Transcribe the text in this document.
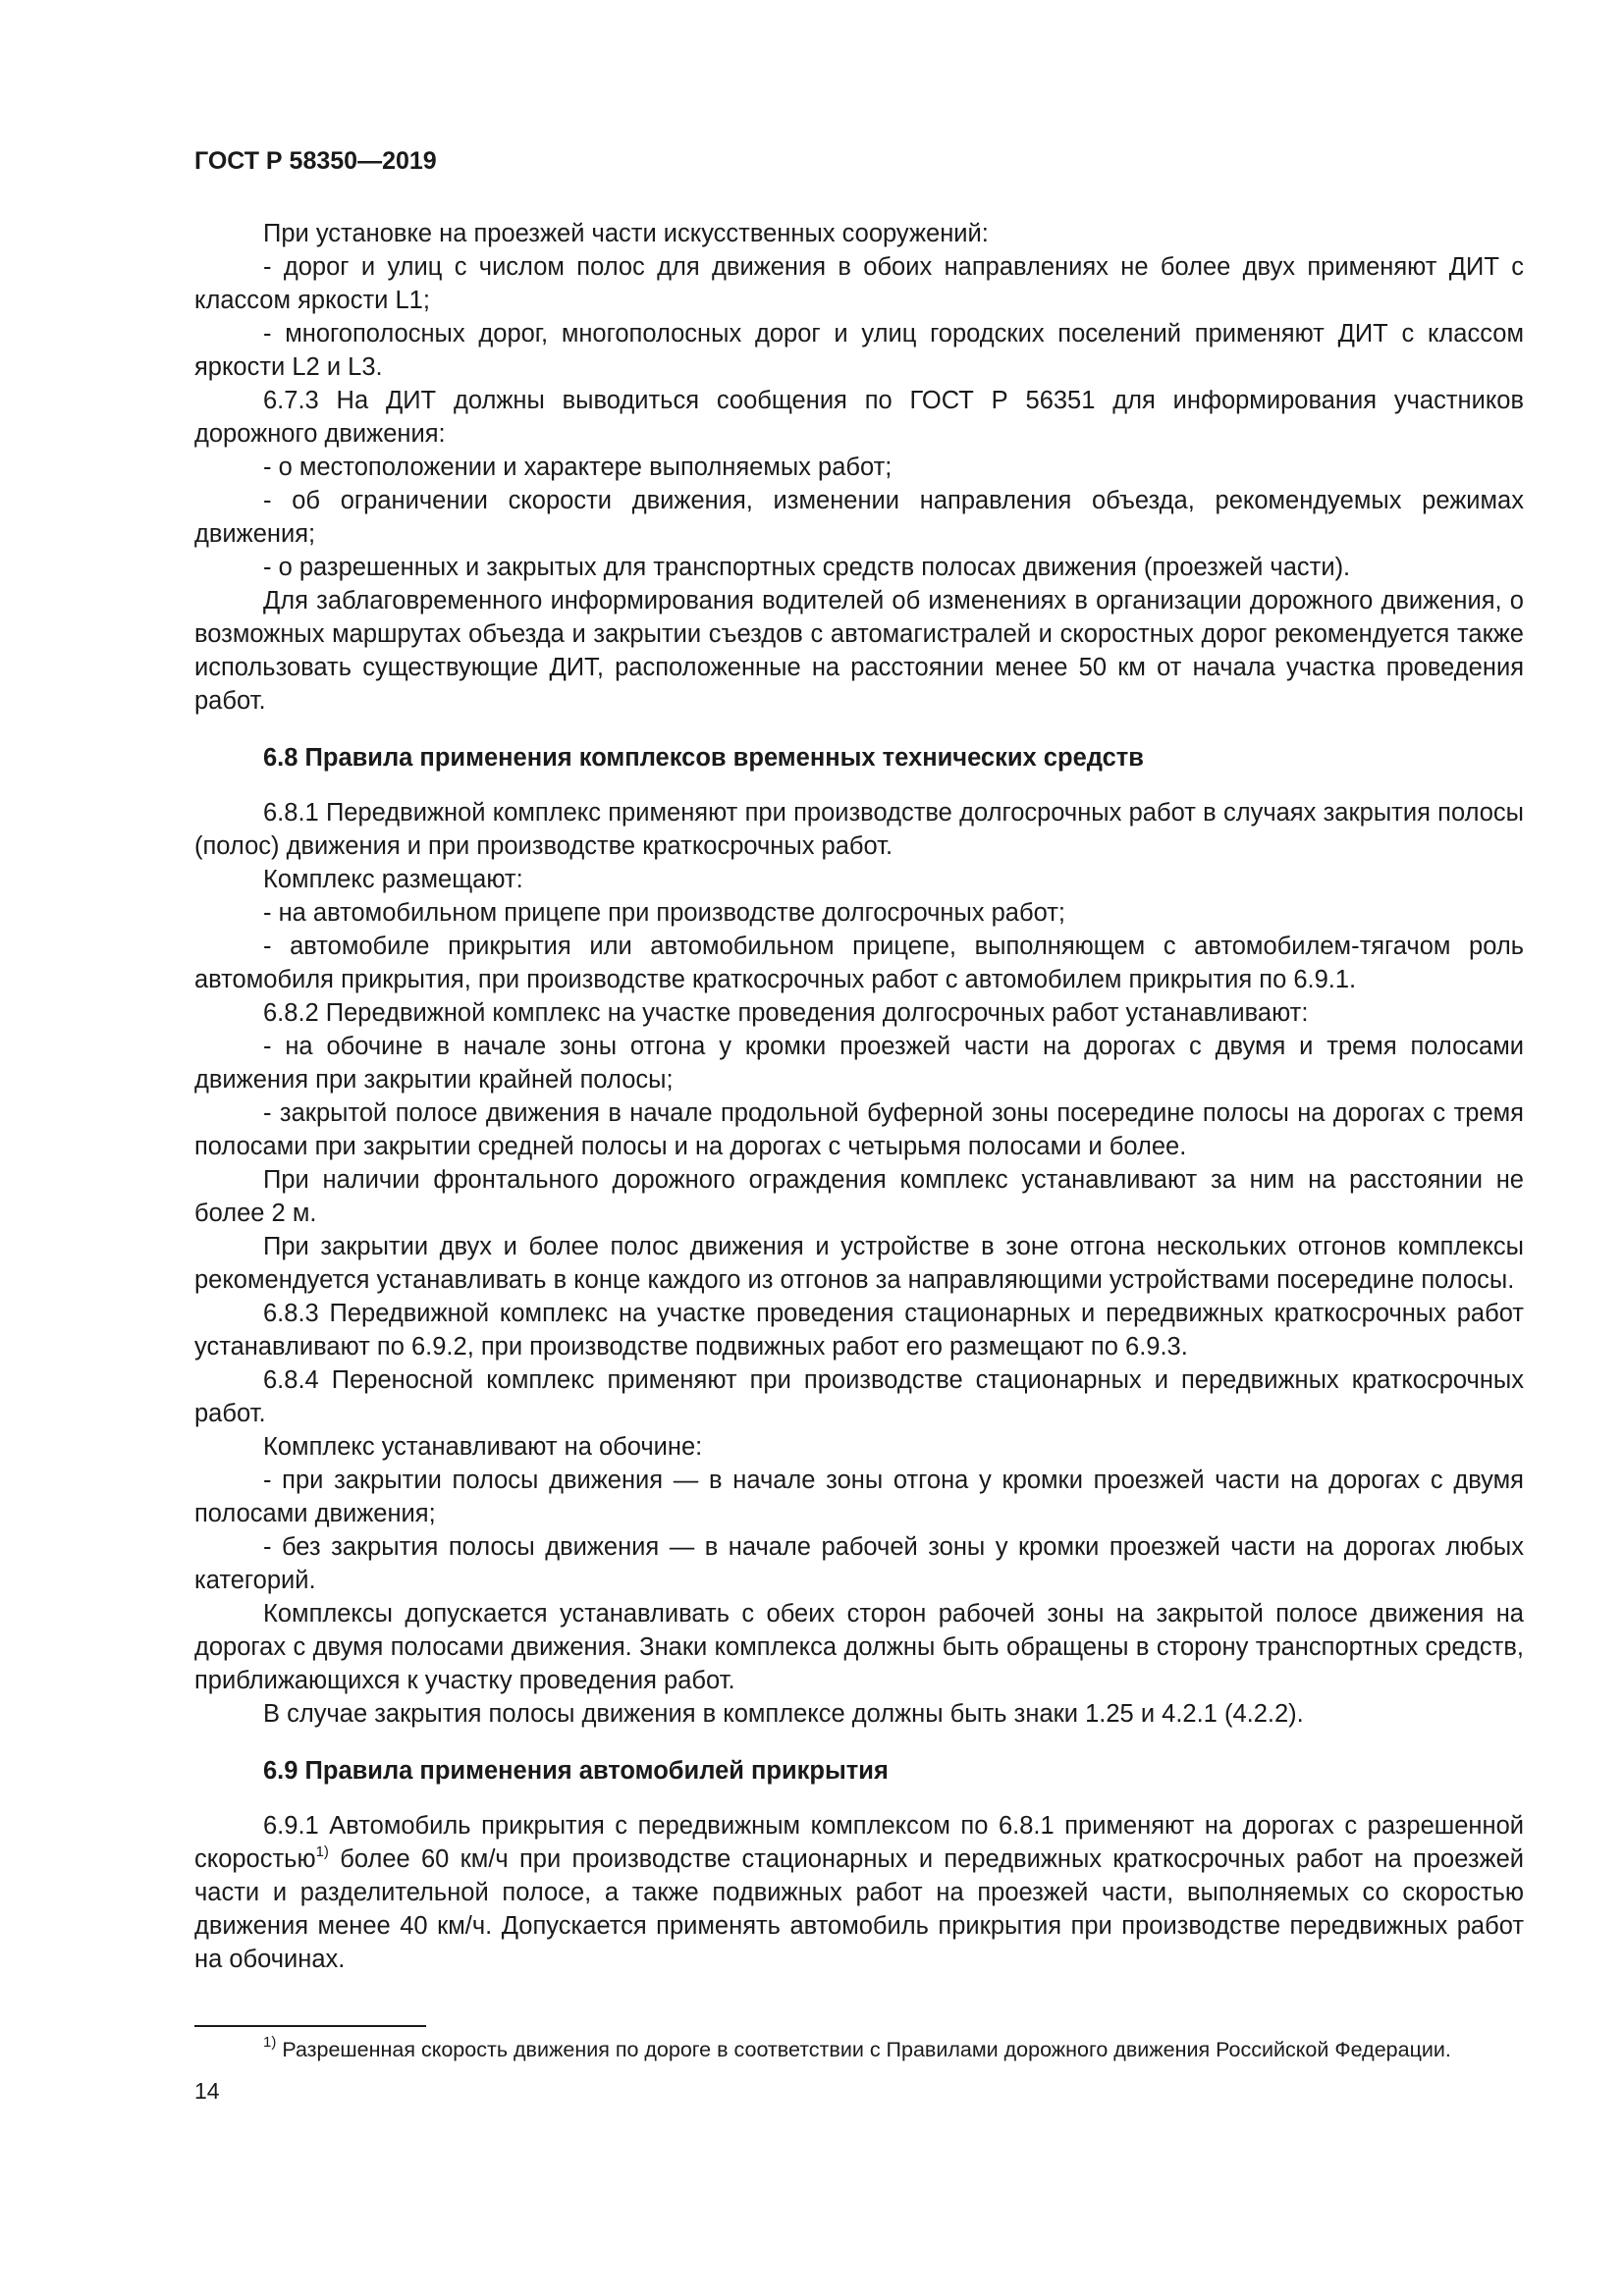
ГОСТ Р 58350—2019

При установке на проезжей части искусственных сооружений:

- дорог и улиц с числом полос для движения в обоих направлениях не более двух применяют ДИТ с классом яркости L1;

- многополосных дорог, многополосных дорог и улиц городских поселений применяют ДИТ с классом яркости L2 и L3.

6.7.3 На ДИТ должны выводиться сообщения по ГОСТ Р 56351 для информирования участников дорожного движения:

- о местоположении и характере выполняемых работ;

- об ограничении скорости движения, изменении направления объезда, рекомендуемых режимах движения;

- о разрешенных и закрытых для транспортных средств полосах движения (проезжей части).

Для заблаговременного информирования водителей об изменениях в организации дорожного движения, о возможных маршрутах объезда и закрытии съездов с автомагистралей и скоростных дорог рекомендуется также использовать существующие ДИТ, расположенные на расстоянии менее 50 км от начала участка проведения работ.

6.8 Правила применения комплексов временных технических средств

6.8.1 Передвижной комплекс применяют при производстве долгосрочных работ в случаях закрытия полосы (полос) движения и при производстве краткосрочных работ.

Комплекс размещают:

- на автомобильном прицепе при производстве долгосрочных работ;

- автомобиле прикрытия или автомобильном прицепе, выполняющем с автомобилем-тягачом роль автомобиля прикрытия, при производстве краткосрочных работ с автомобилем прикрытия по 6.9.1.

6.8.2 Передвижной комплекс на участке проведения долгосрочных работ устанавливают:

- на обочине в начале зоны отгона у кромки проезжей части на дорогах с двумя и тремя полосами движения при закрытии крайней полосы;

- закрытой полосе движения в начале продольной буферной зоны посередине полосы на дорогах с тремя полосами при закрытии средней полосы и на дорогах с четырьмя полосами и более.

При наличии фронтального дорожного ограждения комплекс устанавливают за ним на расстоянии не более 2 м.

При закрытии двух и более полос движения и устройстве в зоне отгона нескольких отгонов комплексы рекомендуется устанавливать в конце каждого из отгонов за направляющими устройствами посередине полосы.

6.8.3 Передвижной комплекс на участке проведения стационарных и передвижных краткосрочных работ устанавливают по 6.9.2, при производстве подвижных работ его размещают по 6.9.3.

6.8.4 Переносной комплекс применяют при производстве стационарных и передвижных краткосрочных работ.

Комплекс устанавливают на обочине:

- при закрытии полосы движения — в начале зоны отгона у кромки проезжей части на дорогах с двумя полосами движения;

- без закрытия полосы движения — в начале рабочей зоны у кромки проезжей части на дорогах любых категорий.

Комплексы допускается устанавливать с обеих сторон рабочей зоны на закрытой полосе движения на дорогах с двумя полосами движения. Знаки комплекса должны быть обращены в сторону транспортных средств, приближающихся к участку проведения работ.

В случае закрытия полосы движения в комплексе должны быть знаки 1.25 и 4.2.1 (4.2.2).

6.9 Правила применения автомобилей прикрытия

6.9.1 Автомобиль прикрытия с передвижным комплексом по 6.8.1 применяют на дорогах с разрешенной скоростью$^{1)}$ более 60 км/ч при производстве стационарных и передвижных краткосрочных работ на проезжей части и разделительной полосе, а также подвижных работ на проезжей части, выполняемых со скоростью движения менее 40 км/ч. Допускается применять автомобиль прикрытия при производстве передвижных работ на обочинах.

$^{1)}$ Разрешенная скорость движения по дороге в соответствии с Правилами дорожного движения Российской Федерации.

14
